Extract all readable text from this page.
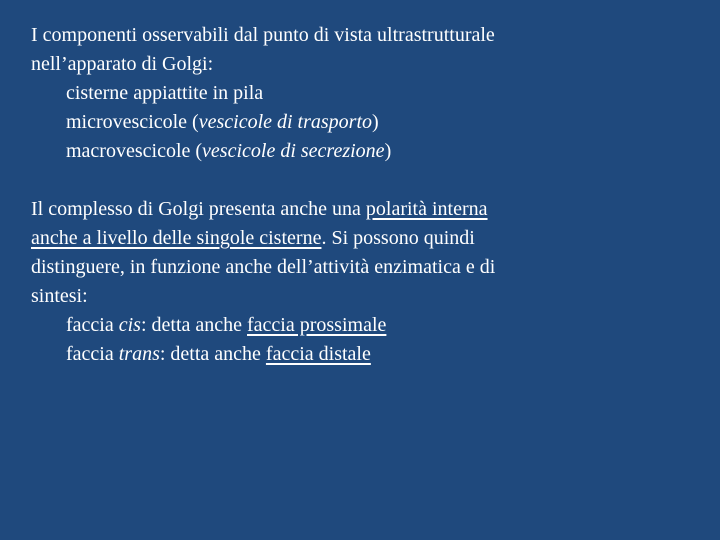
I componenti osservabili dal punto di vista ultrastrutturale
nell’apparato di Golgi:
cisterne appiattite in pila
microvescicole (vescicole di trasporto)
macrovescicole (vescicole di secrezione)
Il complesso di Golgi presenta anche una polarità interna
anche a livello delle singole cisterne. Si possono quindi
distinguere, in funzione anche dell’attività enzimatica e di
sintesi:
faccia cis: detta anche faccia prossimale
faccia trans: detta anche faccia distale
